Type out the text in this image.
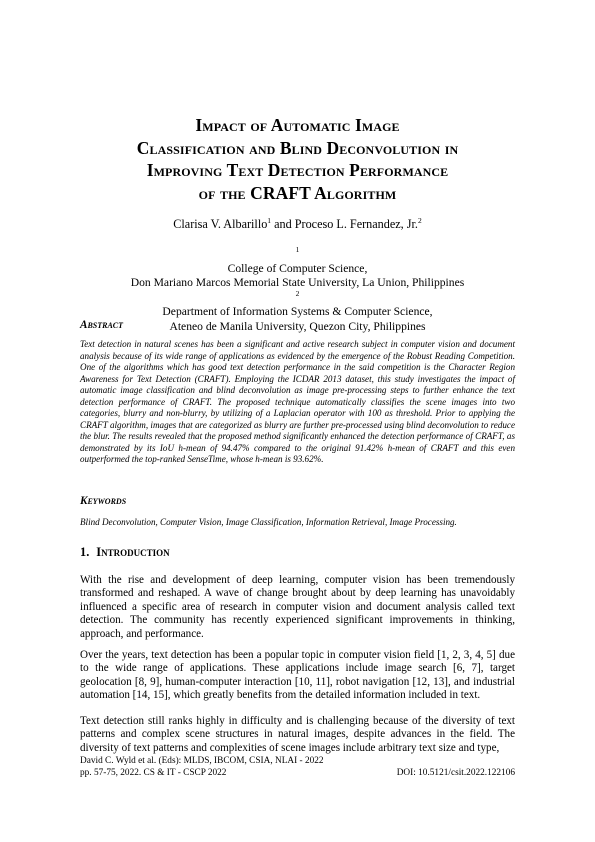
Impact of Automatic Image
Classification and Blind Deconvolution in
Improving Text Detection Performance
of the CRAFT Algorithm
Clarisa V. Albarillo$^1$ and Proceso L. Fernandez, Jr.$^2$
$^1$
College of Computer Science,
Don Mariano Marcos Memorial State University, La Union, Philippines
$^2$
Department of Information Systems & Computer Science,
Ateneo de Manila University, Quezon City, Philippines
Abstract
Text detection in natural scenes has been a significant and active research subject in computer vision and document analysis because of its wide range of applications as evidenced by the emergence of the Robust Reading Competition. One of the algorithms which has good text detection performance in the said competition is the Character Region Awareness for Text Detection (CRAFT). Employing the ICDAR 2013 dataset, this study investigates the impact of automatic image classification and blind deconvolution as image pre-processing steps to further enhance the text detection performance of CRAFT. The proposed technique automatically classifies the scene images into two categories, blurry and non-blurry, by utilizing of a Laplacian operator with 100 as threshold. Prior to applying the CRAFT algorithm, images that are categorized as blurry are further pre-processed using blind deconvolution to reduce the blur. The results revealed that the proposed method significantly enhanced the detection performance of CRAFT, as demonstrated by its IoU h-mean of 94.47% compared to the original 91.42% h-mean of CRAFT and this even outperformed the top-ranked SenseTime, whose h-mean is 93.62%.
Keywords
Blind Deconvolution, Computer Vision, Image Classification, Information Retrieval, Image Processing.
1. Introduction
With the rise and development of deep learning, computer vision has been tremendously transformed and reshaped. A wave of change brought about by deep learning has unavoidably influenced a specific area of research in computer vision and document analysis called text detection. The community has recently experienced significant improvements in thinking, approach, and performance.
Over the years, text detection has been a popular topic in computer vision field [1, 2, 3, 4, 5] due to the wide range of applications. These applications include image search [6, 7], target geolocation [8, 9], human-computer interaction [10, 11], robot navigation [12, 13], and industrial automation [14, 15], which greatly benefits from the detailed information included in text.
Text detection still ranks highly in difficulty and is challenging because of the diversity of text patterns and complex scene structures in natural images, despite advances in the field. The diversity of text patterns and complexities of scene images include arbitrary text size and type,
David C. Wyld et al. (Eds): MLDS, IBCOM, CSIA, NLAI - 2022
pp. 57-75, 2022. CS & IT - CSCP 2022	DOI: 10.5121/csit.2022.122106
